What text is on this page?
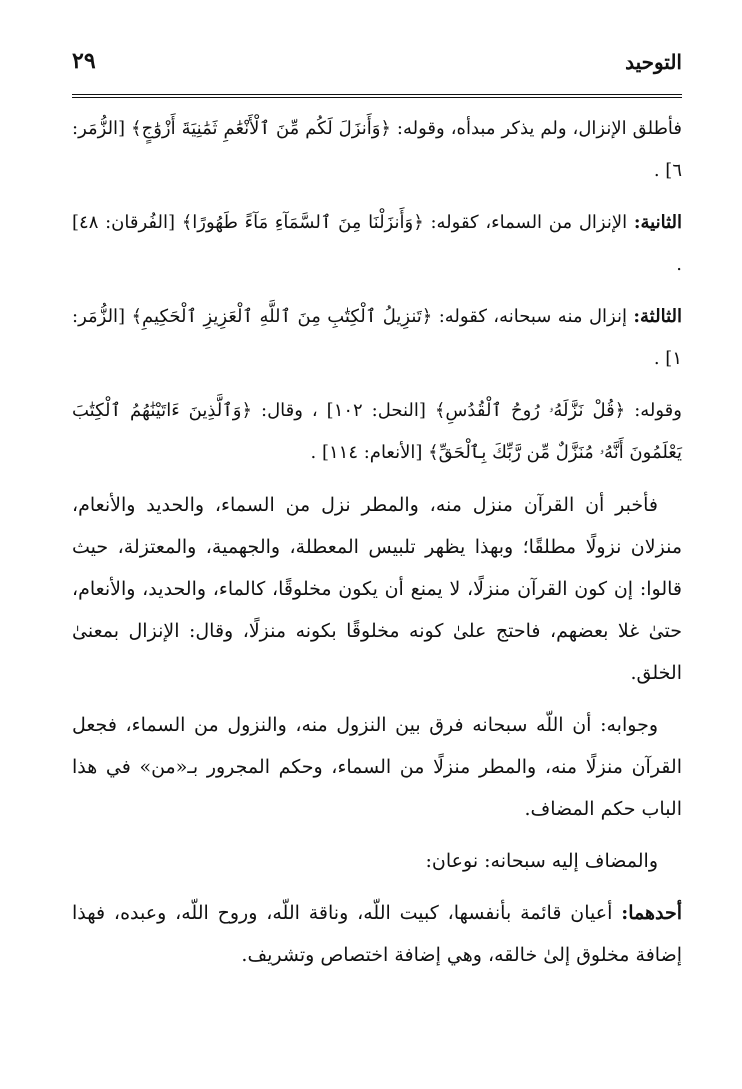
التوحيد
٢٩

فأطلق الإنزال، ولم يذكر مبدأه، وقوله: ﴿وَأَنزَلَ لَكُم مِّنَ ٱلْأَنْعَٰمِ ثَمَٰنِيَةَ أَزْوَٰجٍ﴾ [الزُّمَر: ٦] .

الثانية: الإنزال من السماء، كقوله: ﴿وَأَنزَلْنَا مِنَ ٱلسَّمَآءِ مَآءً طَهُورًا﴾ [الفُرقان: ٤٨] .

الثالثة: إنزال منه سبحانه، كقوله: ﴿تَنزِيلُ ٱلْكِتَٰبِ مِنَ ٱللَّهِ ٱلْعَزِيزِ ٱلْحَكِيمِ﴾ [الزُّمَر: ١] .

وقوله: ﴿قُلْ نَزَّلَهُۥ رُوحُ ٱلْقُدُسِ﴾ [النحل: ١٠٢] ، وقال: ﴿وَٱلَّذِينَ ءَاتَيْنَٰهُمُ ٱلْكِتَٰبَ يَعْلَمُونَ أَنَّهُۥ مُنَزَّلٌ مِّن رَّبِّكَ بِٱلْحَقِّ﴾ [الأنعام: ١١٤] .

فأخبر أن القرآن منزل منه، والمطر نزل من السماء، والحديد والأنعام، منزلان نزولًا مطلقًا؛ وبهذا يظهر تلبيس المعطلة، والجهمية، والمعتزلة، حيث قالوا: إن كون القرآن منزلًا، لا يمنع أن يكون مخلوقًا، كالماء، والحديد، والأنعام، حتىٰ غلا بعضهم، فاحتج علىٰ كونه مخلوقًا بكونه منزلًا، وقال: الإنزال بمعنىٰ الخلق.

وجوابه: أن اللّه سبحانه فرق بين النزول منه، والنزول من السماء، فجعل القرآن منزلًا منه، والمطر منزلًا من السماء، وحكم المجرور بـ«من» في هذا الباب حكم المضاف.

والمضاف إليه سبحانه: نوعان:

أحدهما: أعيان قائمة بأنفسها، كبيت اللّه، وناقة اللّه، وروح اللّه، وعبده، فهذا إضافة مخلوق إلىٰ خالقه، وهي إضافة اختصاص وتشريف.
